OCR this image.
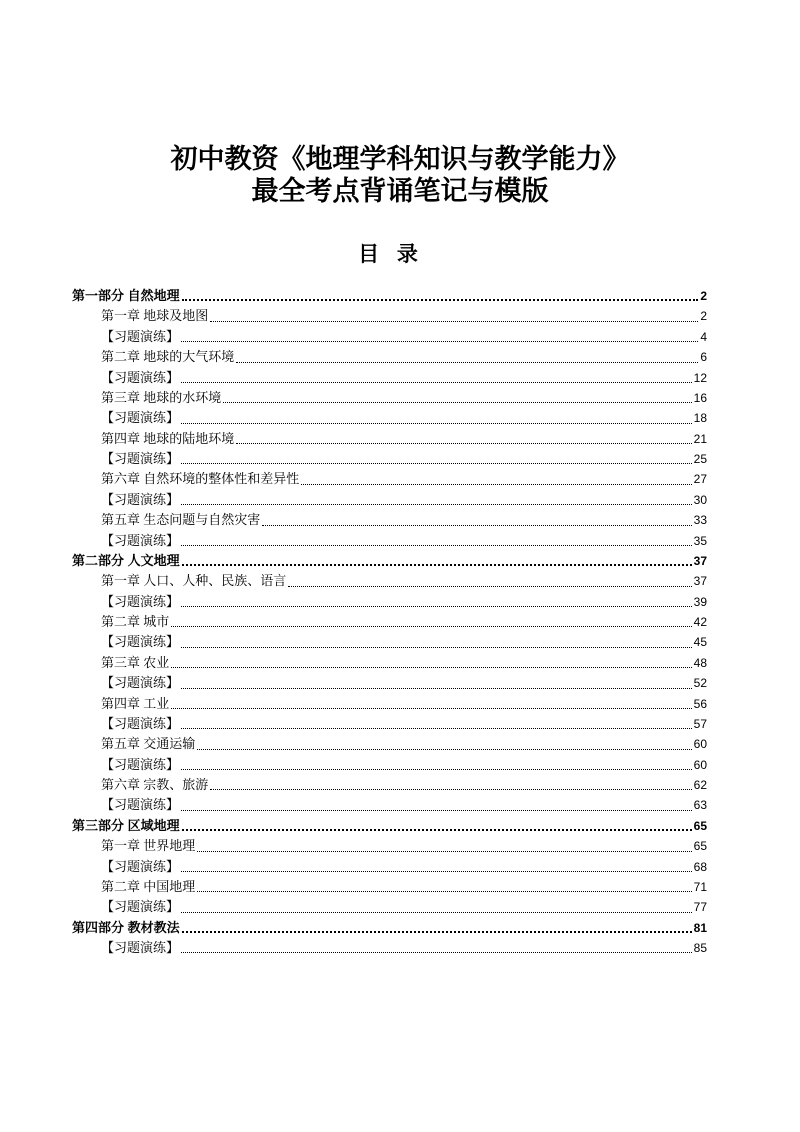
初中教资《地理学科知识与教学能力》
最全考点背诵笔记与模版
目 录
第一部分 自然地理	2
第一章 地球及地图	2
【习题演练】	4
第二章 地球的大气环境	6
【习题演练】	12
第三章 地球的水环境	16
【习题演练】	18
第四章 地球的陆地环境	21
【习题演练】	25
第六章 自然环境的整体性和差异性	27
【习题演练】	30
第五章 生态问题与自然灾害	33
【习题演练】	35
第二部分 人文地理	37
第一章 人口、人种、民族、语言	37
【习题演练】	39
第二章 城市	42
【习题演练】	45
第三章 农业	48
【习题演练】	52
第四章 工业	56
【习题演练】	57
第五章 交通运输	60
【习题演练】	60
第六章 宗教、旅游	62
【习题演练】	63
第三部分 区域地理	65
第一章 世界地理	65
【习题演练】	68
第二章 中国地理	71
【习题演练】	77
第四部分 教材教法	81
【习题演练】	85
